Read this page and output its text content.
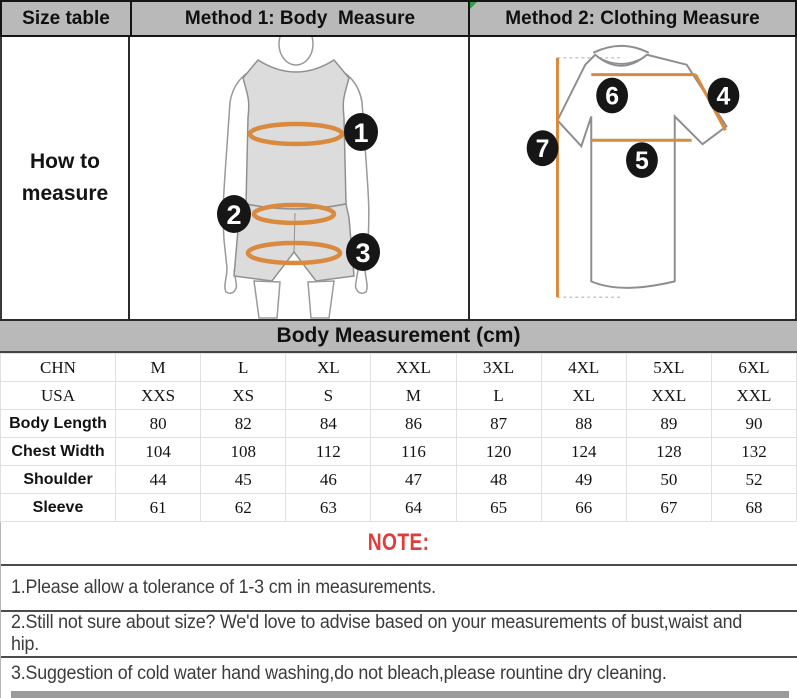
Size table	Method 1: Body  Measure	Method 2: Clothing Measure
How to
measure
1
2
3
6	4
7	5
Body Measurement (cm)
CHN	M	L	XL	XXL	3XL	4XL	5XL	6XL
USA	XXS	XS	S	M	L	XL	XXL	XXL
Body Length	80	82	84	86	87	88	89	90
Chest Width	104	108	112	116	120	124	128	132
Shoulder	44	45	46	47	48	49	50	52
Sleeve	61	62	63	64	65	66	67	68
NOTE:
1.Please allow a tolerance of 1-3 cm in measurements.
2.Still not sure about size? We'd love to advise based on your measurements of bust,waist and hip.
3.Suggestion of cold water hand washing,do not bleach,please rountine dry cleaning.
